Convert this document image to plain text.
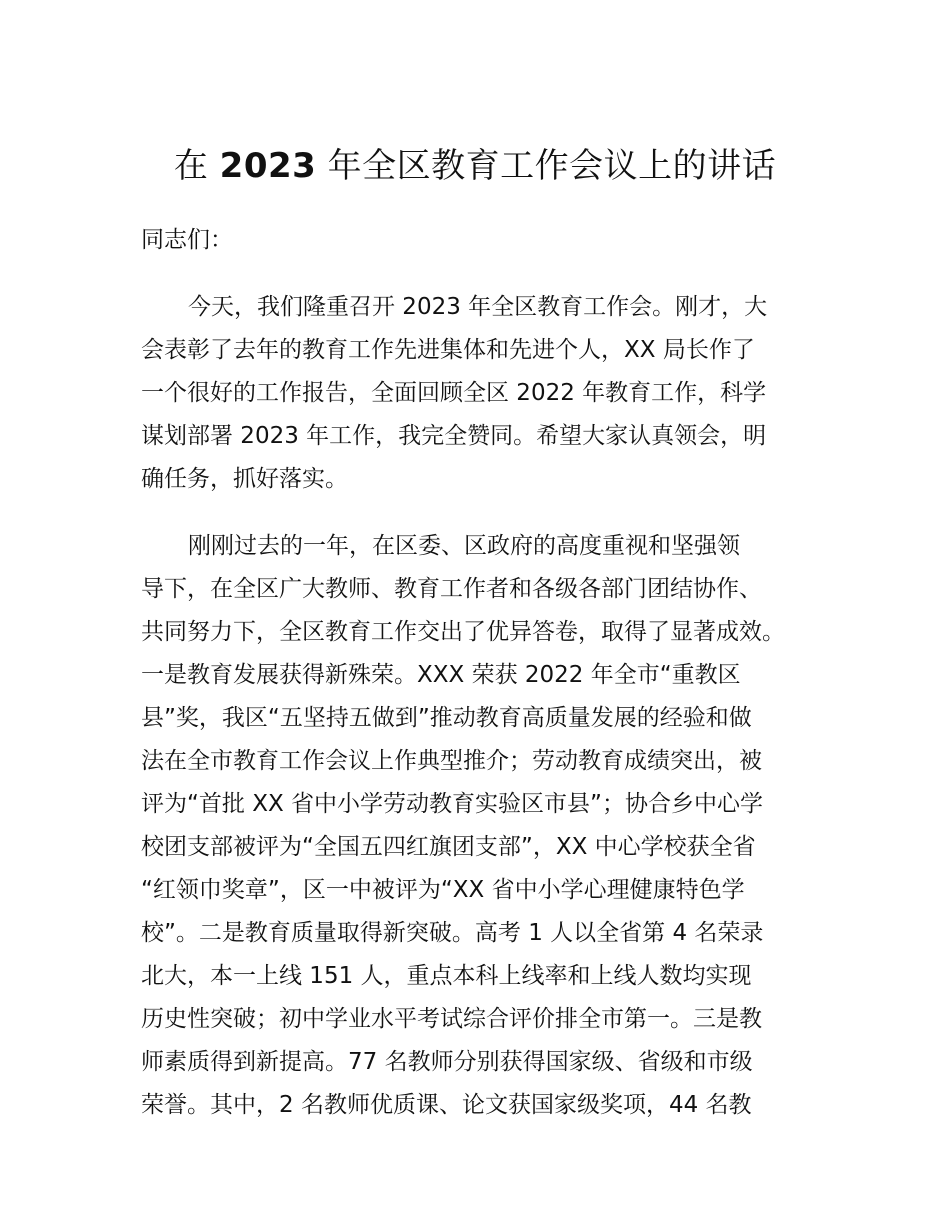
在 2023 年全区教育工作会议上的讲话

同志们：

今天，我们隆重召开 2023 年全区教育工作会。刚才，大
会表彰了去年的教育工作先进集体和先进个人，XX 局长作了
一个很好的工作报告，全面回顾全区 2022 年教育工作，科学
谋划部署 2023 年工作，我完全赞同。希望大家认真领会，明
确任务，抓好落实。
刚刚过去的一年，在区委、区政府的高度重视和坚强领
导下，在全区广大教师、教育工作者和各级各部门团结协作、
共同努力下，全区教育工作交出了优异答卷，取得了显著成效。
一是教育发展获得新殊荣。XXX 荣获 2022 年全市“重教区
县”奖，我区“五坚持五做到”推动教育高质量发展的经验和做
法在全市教育工作会议上作典型推介；劳动教育成绩突出，被
评为“首批 XX 省中小学劳动教育实验区市县”；协合乡中心学
校团支部被评为“全国五四红旗团支部”，XX 中心学校获全省
“红领巾奖章”，区一中被评为“XX 省中小学心理健康特色学
校”。二是教育质量取得新突破。高考 1 人以全省第 4 名荣录
北大，本一上线 151 人，重点本科上线率和上线人数均实现
历史性突破；初中学业水平考试综合评价排全市第一。三是教
师素质得到新提高。77 名教师分别获得国家级、省级和市级
荣誉。其中，2 名教师优质课、论文获国家级奖项，44 名教
